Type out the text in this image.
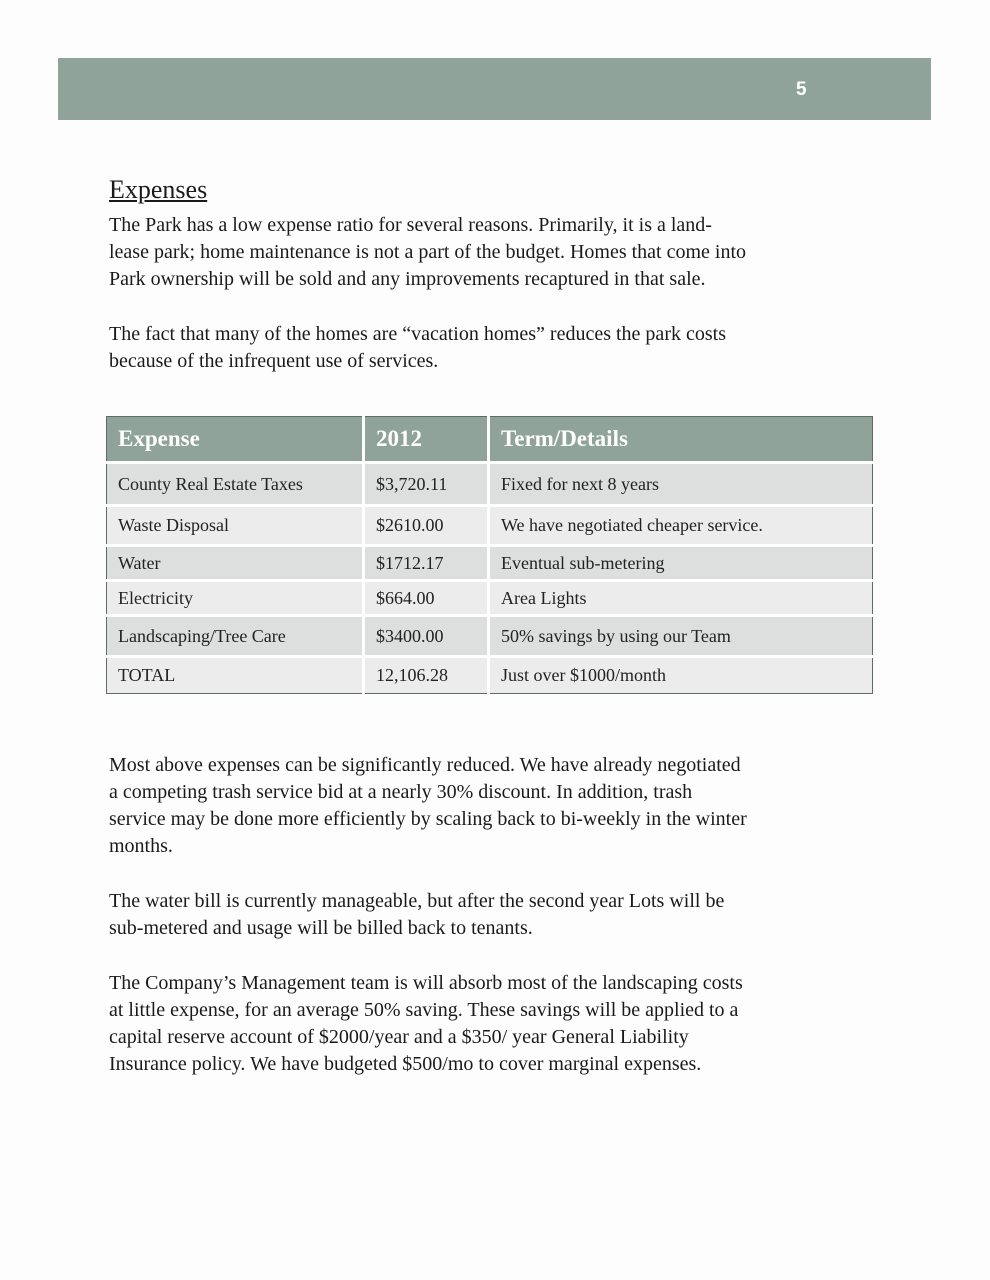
5
Expenses

The Park has a low expense ratio for several reasons. Primarily, it is a land-
lease park; home maintenance is not a part of the budget. Homes that come into
Park ownership will be sold and any improvements recaptured in that sale.

The fact that many of the homes are “vacation homes” reduces the park costs
because of the infrequent use of services.

Expense	2012	Term/Details
County Real Estate Taxes	$3,720.11	Fixed for next 8 years
Waste Disposal	$2610.00	We have negotiated cheaper service.
Water	$1712.17	Eventual sub-metering
Electricity	$664.00	Area Lights
Landscaping/Tree Care	$3400.00	50% savings by using our Team
TOTAL	12,106.28	Just over $1000/month

Most above expenses can be significantly reduced. We have already negotiated
a competing trash service bid at a nearly 30% discount. In addition, trash
service may be done more efficiently by scaling back to bi-weekly in the winter
months.

The water bill is currently manageable, but after the second year Lots will be
sub-metered and usage will be billed back to tenants.

The Company’s Management team is will absorb most of the landscaping costs
at little expense, for an average 50% saving. These savings will be applied to a
capital reserve account of $2000/year and a $350/ year General Liability
Insurance policy. We have budgeted $500/mo to cover marginal expenses.
